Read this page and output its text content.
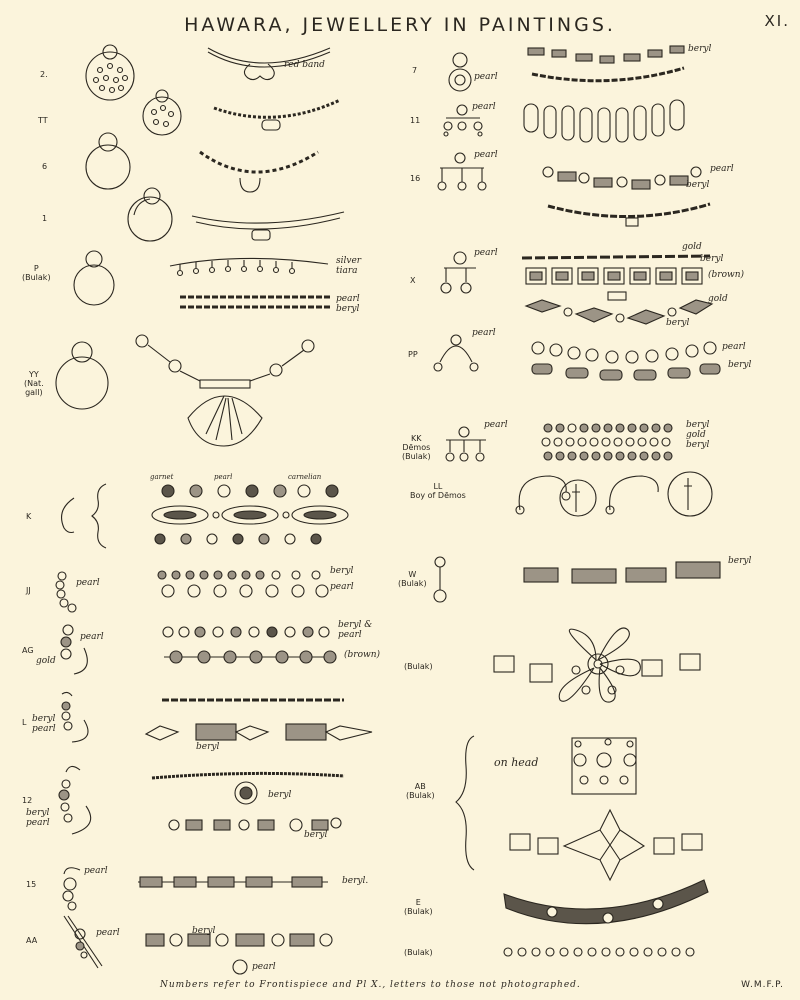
HAWARA, JEWELLERY IN PAINTINGS.	XI.
2.
TT
6
1
P
(Bulak)
YY
(Nat.
gall)
K
JJ
AG
L
12
15
AA
7
11
16
X
PP
KK
Dēmos
(Bulak)
LL
Boy of Dēmos
W
(Bulak)
(Bulak)
AB
(Bulak)
E
(Bulak)
(Bulak)
red band
silver
tiara
pearl
beryl
garnet	pearl	carnelian
pearl
beryl
pearl
pearl
gold
beryl &
pearl
(brown)
beryl
pearl
beryl
beryl
pearl
beryl
beryl
pearl
beryl.
pearl	beryl
pearl
pearl
beryl
pearl
pearl
pearl
beryl
pearl
gold
beryl
(brown)
gold
beryl
pearl
pearl
beryl
pearl	beryl
gold
beryl
beryl
on head
Numbers refer to Frontispiece and Pl X., letters to those not photographed.	W.M.F.P.
